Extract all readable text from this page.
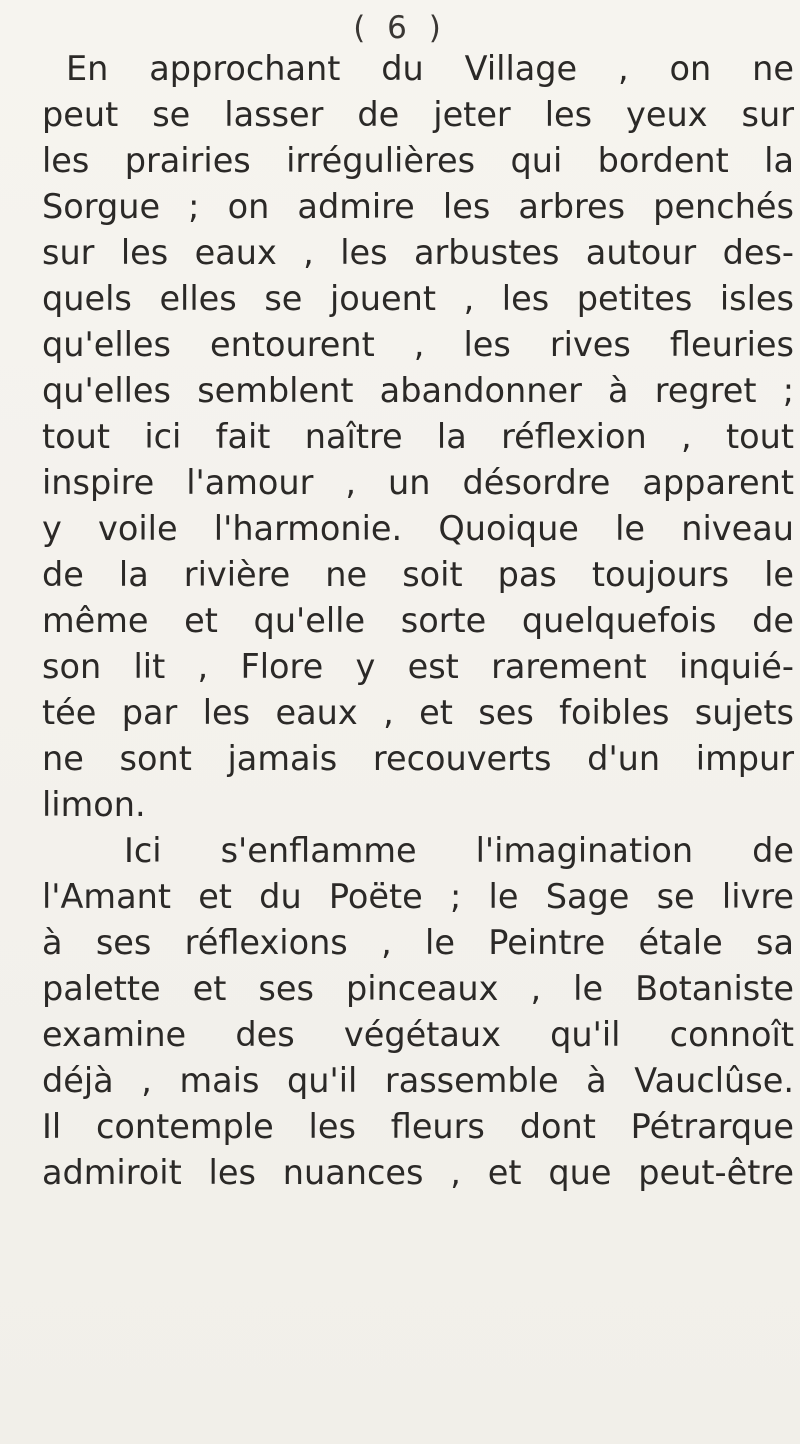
( 6 )
En approchant du Village , on ne
peut se lasser de jeter les yeux sur
les prairies irrégulières qui bordent la
Sorgue ; on admire les arbres penchés
sur les eaux , les arbustes autour des-
quels elles se jouent , les petites isles
qu'elles entourent , les rives fleuries
qu'elles semblent abandonner à regret ;
tout ici fait naître la réflexion , tout
inspire l'amour , un désordre apparent
y voile l'harmonie. Quoique le niveau
de la rivière ne soit pas toujours le
même et qu'elle sorte quelquefois de
son lit , Flore y est rarement inquié-
tée par les eaux , et ses foibles sujets
ne sont jamais recouverts d'un impur
limon.
Ici s'enflamme l'imagination de
l'Amant et du Poëte ; le Sage se livre
à ses réflexions , le Peintre étale sa
palette et ses pinceaux , le Botaniste
examine des végétaux qu'il connoît
déjà , mais qu'il rassemble à Vauclûse.
Il contemple les fleurs dont Pétrarque
admiroit les nuances , et que peut-être
